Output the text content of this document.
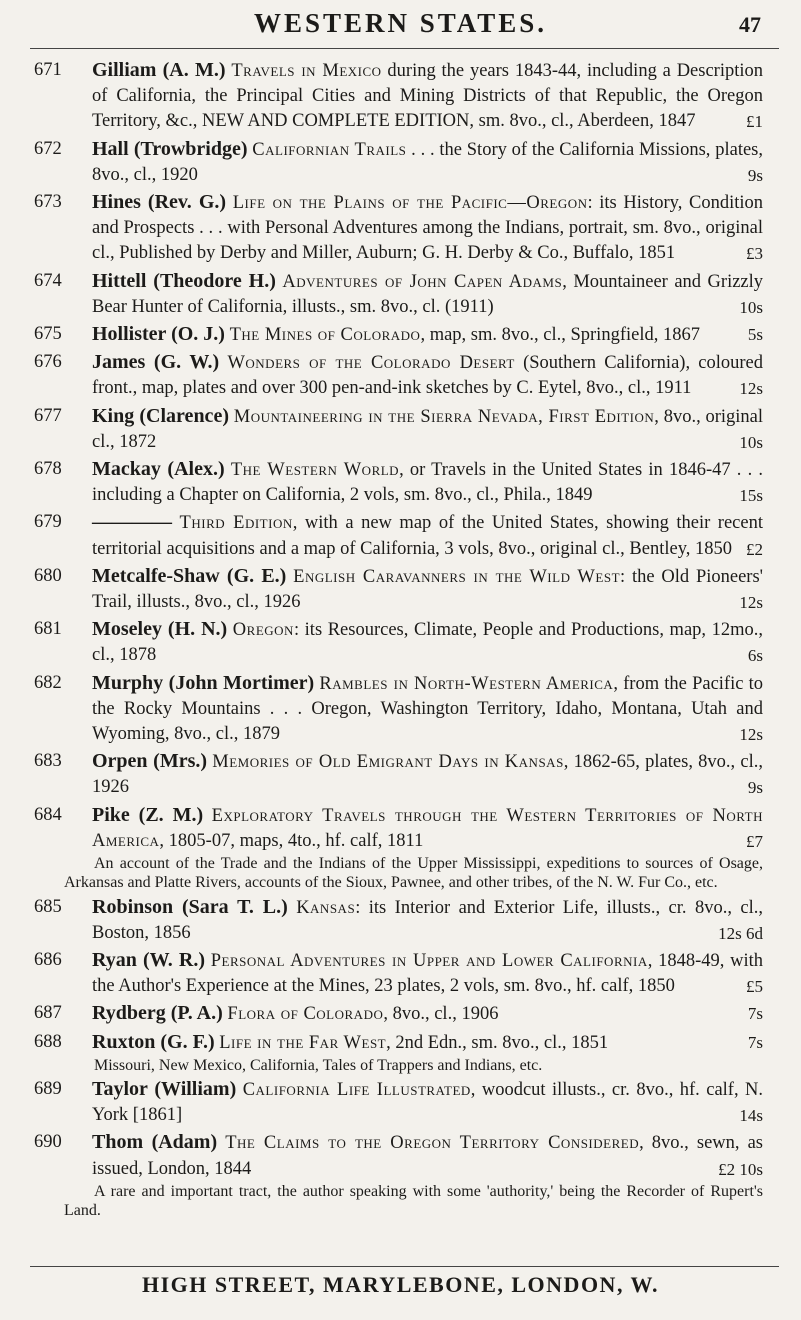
WESTERN STATES.	47
671	Gilliam (A. M.) Travels in Mexico during the years 1843-44, including a Description of California, the Principal Cities and Mining Districts of that Republic, the Oregon Territory, &c., NEW AND COMPLETE EDITION, sm. 8vo., cl., Aberdeen, 1847	£1
672	Hall (Trowbridge) Californian Trails . . . the Story of the California Missions, plates, 8vo., cl., 1920	9s
673	Hines (Rev. G.) Life on the Plains of the Pacific—Oregon: its History, Condition and Prospects . . . with Personal Adventures among the Indians, portrait, sm. 8vo., original cl., Published by Derby and Miller, Auburn; G. H. Derby & Co., Buffalo, 1851	£3
674	Hittell (Theodore H.) Adventures of John Capen Adams, Mountaineer and Grizzly Bear Hunter of California, illusts., sm. 8vo., cl. (1911)	10s
675	Hollister (O. J.) The Mines of Colorado, map, sm. 8vo., cl., Springfield, 1867	5s
676	James (G. W.) Wonders of the Colorado Desert (Southern California), coloured front., map, plates and over 300 pen-and-ink sketches by C. Eytel, 8vo., cl., 1911	12s
677	King (Clarence) Mountaineering in the Sierra Nevada, First Edition, 8vo., original cl., 1872	10s
678	Mackay (Alex.) The Western World, or Travels in the United States in 1846-47 . . . including a Chapter on California, 2 vols, sm. 8vo., cl., Phila., 1849	15s
679	———— Third Edition, with a new map of the United States, showing their recent territorial acquisitions and a map of California, 3 vols, 8vo., original cl., Bentley, 1850 £2
680	Metcalfe-Shaw (G. E.) English Caravanners in the Wild West: the Old Pioneers' Trail, illusts., 8vo., cl., 1926	12s
681	Moseley (H. N.) Oregon: its Resources, Climate, People and Productions, map, 12mo., cl., 1878	6s
682	Murphy (John Mortimer) Rambles in North-Western America, from the Pacific to the Rocky Mountains . . . Oregon, Washington Territory, Idaho, Montana, Utah and Wyoming, 8vo., cl., 1879	12s
683	Orpen (Mrs.) Memories of Old Emigrant Days in Kansas, 1862-65, plates, 8vo., cl., 1926	9s
684	Pike (Z. M.) Exploratory Travels through the Western Territories of North America, 1805-07, maps, 4to., hf. calf, 1811	£7
An account of the Trade and the Indians of the Upper Mississippi, expeditions to sources of Osage, Arkansas and Platte Rivers, accounts of the Sioux, Pawnee, and other tribes, of the N. W. Fur Co., etc.
685	Robinson (Sara T. L.) Kansas: its Interior and Exterior Life, illusts., cr. 8vo., cl., Boston, 1856	12s 6d
686	Ryan (W. R.) Personal Adventures in Upper and Lower California, 1848-49, with the Author's Experience at the Mines, 23 plates, 2 vols, sm. 8vo., hf. calf, 1850	£5
687	Rydberg (P. A.) Flora of Colorado, 8vo., cl., 1906	7s
688	Ruxton (G. F.) Life in the Far West, 2nd Edn., sm. 8vo., cl., 1851	7s
Missouri, New Mexico, California, Tales of Trappers and Indians, etc.
689	Taylor (William) California Life Illustrated, woodcut illusts., cr. 8vo., hf. calf, N. York [1861]	14s
690	Thom (Adam) The Claims to the Oregon Territory Considered, 8vo., sewn, as issued, London, 1844	£2 10s
A rare and important tract, the author speaking with some 'authority,' being the Recorder of Rupert's Land.
HIGH STREET, MARYLEBONE, LONDON, W.
